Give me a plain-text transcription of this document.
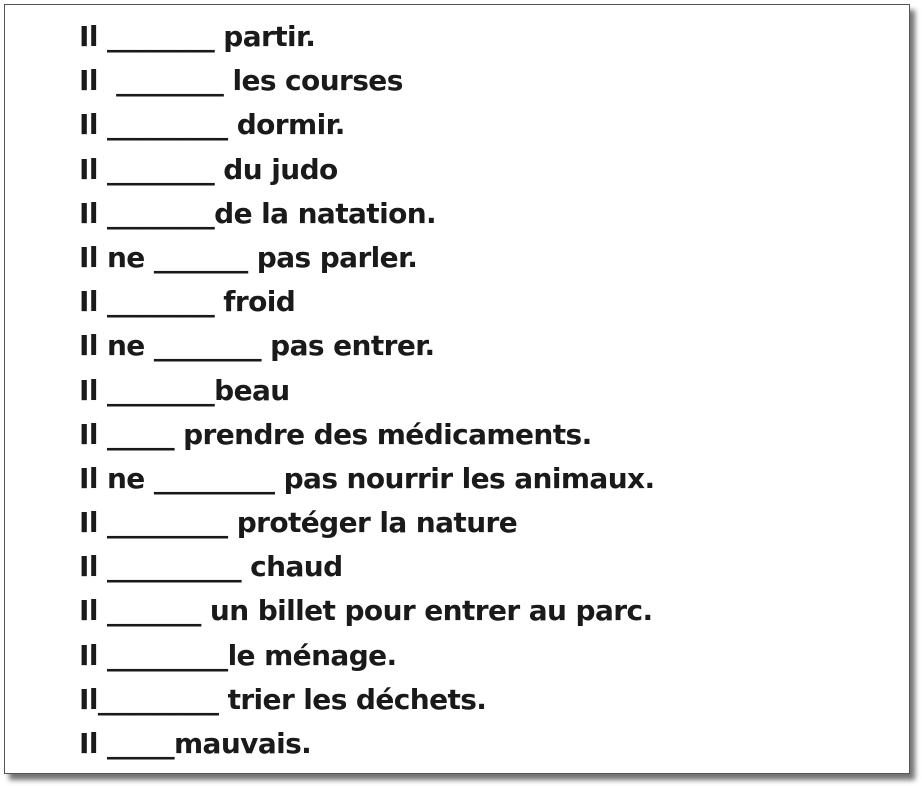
Il ________ partir.
Il  ________ les courses
Il _________ dormir.
Il ________ du judo
Il ________de la natation.
Il ne _______ pas parler.
Il ________ froid
Il ne ________ pas entrer.
Il ________beau
Il _____ prendre des médicaments.
Il ne _________ pas nourrir les animaux.
Il _________ protéger la nature
Il __________ chaud
Il _______ un billet pour entrer au parc.
Il _________le ménage.
Il_________ trier les déchets.
Il _____mauvais.
